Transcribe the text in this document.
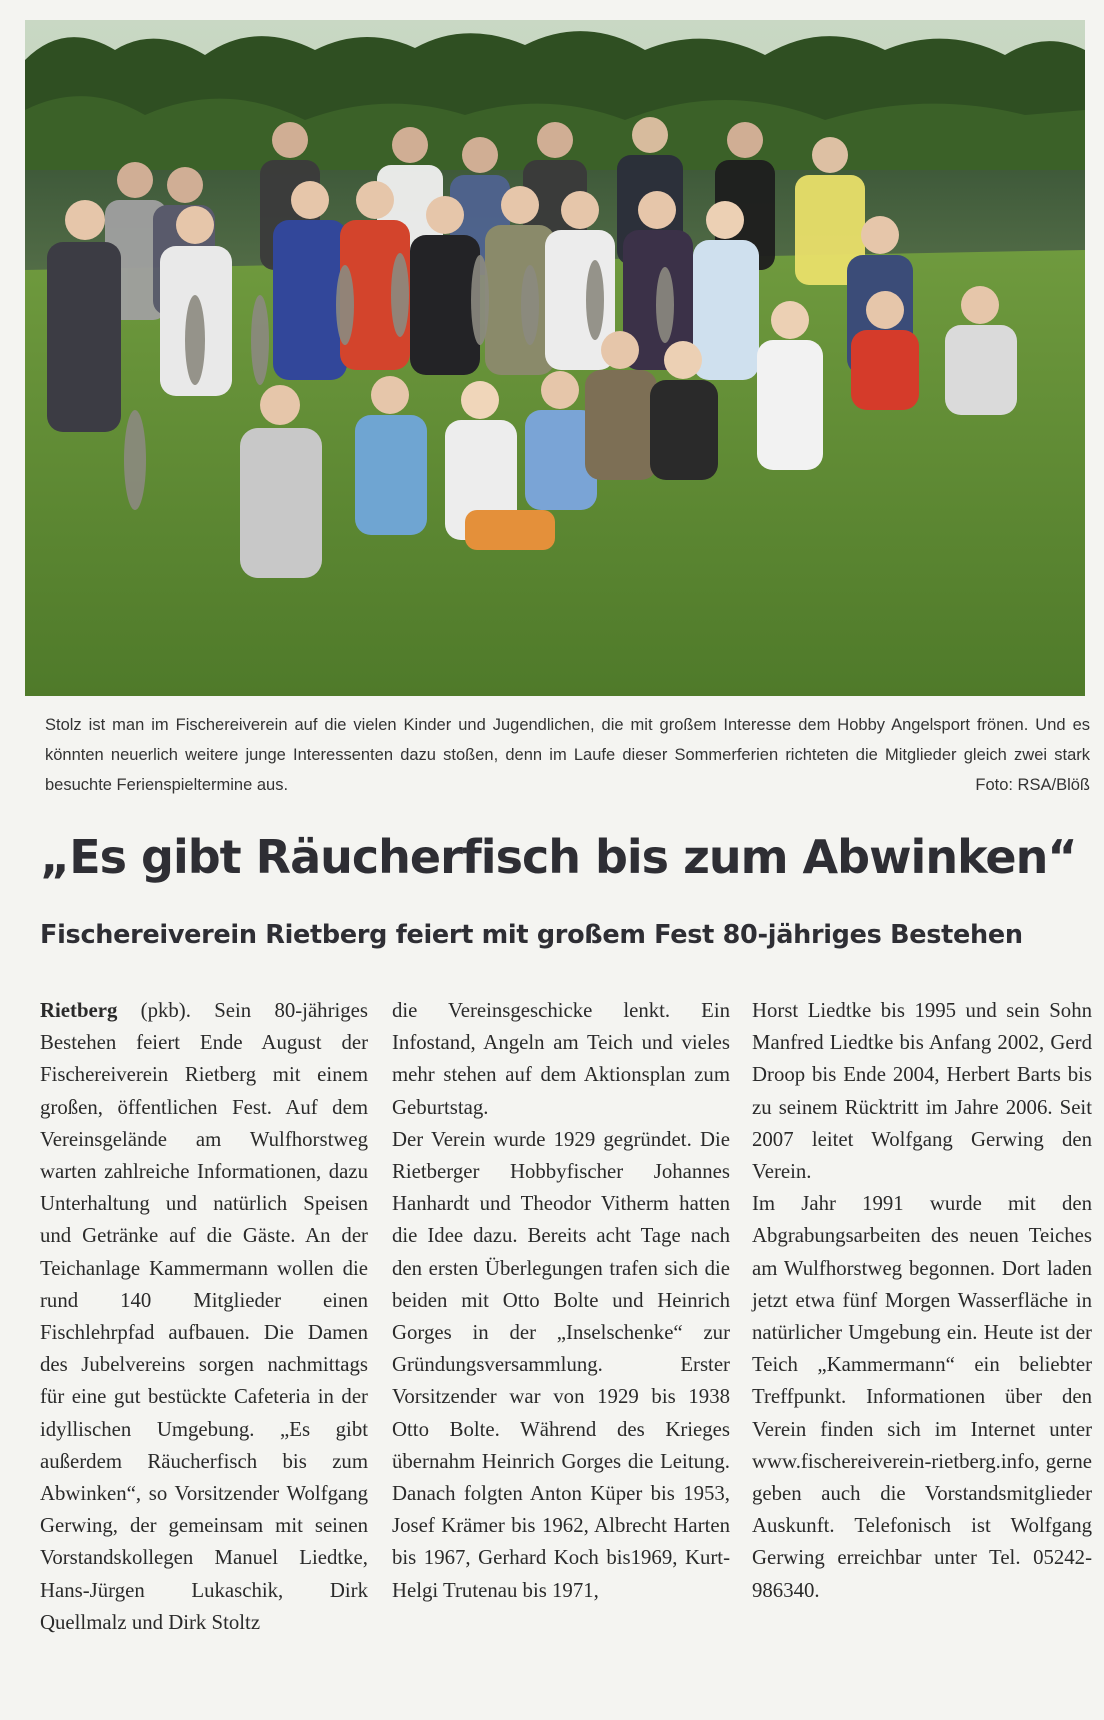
Stolz ist man im Fischereiverein auf die vielen Kinder und Jugendlichen, die mit großem Interesse dem Hobby Angelsport frönen. Und es könnten neuerlich weitere junge Interessenten dazu stoßen, denn im Laufe dieser Sommerferien richteten die Mitglieder gleich zwei stark besuchte Ferienspieltermine aus.	Foto: RSA/Blöß
„Es gibt Räucherfisch bis zum Abwinken“
Fischereiverein Rietberg feiert mit großem Fest 80-jähriges Bestehen

Rietberg (pkb). Sein 80-jähriges Bestehen feiert Ende August der Fischereiverein Rietberg mit einem großen, öffentlichen Fest. Auf dem Vereinsgelände am Wulfhorstweg warten zahlreiche Informationen, dazu Unterhaltung und natürlich Speisen und Getränke auf die Gäste. An der Teichanlage Kammermann wollen die rund 140 Mitglieder einen Fischlehrpfad aufbauen. Die Damen des Jubelvereins sorgen nachmittags für eine gut bestückte Cafeteria in der idyllischen Umgebung. „Es gibt außerdem Räucherfisch bis zum Abwinken“, so Vorsitzender Wolfgang Gerwing, der gemeinsam mit seinen Vorstandskollegen Manuel Liedtke, Hans-Jürgen Lukaschik, Dirk Quellmalz und Dirk Stoltz

die Vereinsgeschicke lenkt. Ein Infostand, Angeln am Teich und vieles mehr stehen auf dem Aktionsplan zum Geburtstag.

Der Verein wurde 1929 gegründet. Die Rietberger Hobbyfischer Johannes Hanhardt und Theodor Vitherm hatten die Idee dazu. Bereits acht Tage nach den ersten Überlegungen trafen sich die beiden mit Otto Bolte und Heinrich Gorges in der „Inselschenke“ zur Gründungsversammlung. Erster Vorsitzender war von 1929 bis 1938 Otto Bolte. Während des Krieges übernahm Heinrich Gorges die Leitung. Danach folgten Anton Küper bis 1953, Josef Krämer bis 1962, Albrecht Harten bis 1967, Gerhard Koch bis1969, Kurt-Helgi Trutenau bis 1971,

Horst Liedtke bis 1995 und sein Sohn Manfred Liedtke bis Anfang 2002, Gerd Droop bis Ende 2004, Herbert Barts bis zu seinem Rücktritt im Jahre 2006. Seit 2007 leitet Wolfgang Gerwing den Verein.

Im Jahr 1991 wurde mit den Abgrabungsarbeiten des neuen Teiches am Wulfhorstweg begonnen. Dort laden jetzt etwa fünf Morgen Wasserfläche in natürlicher Umgebung ein. Heute ist der Teich „Kammermann“ ein beliebter Treffpunkt. Informationen über den Verein finden sich im Internet unter www.fischereiverein-rietberg.info, gerne geben auch die Vorstandsmitglieder Auskunft. Telefonisch ist Wolfgang Gerwing erreichbar unter Tel. 05242-986340.
